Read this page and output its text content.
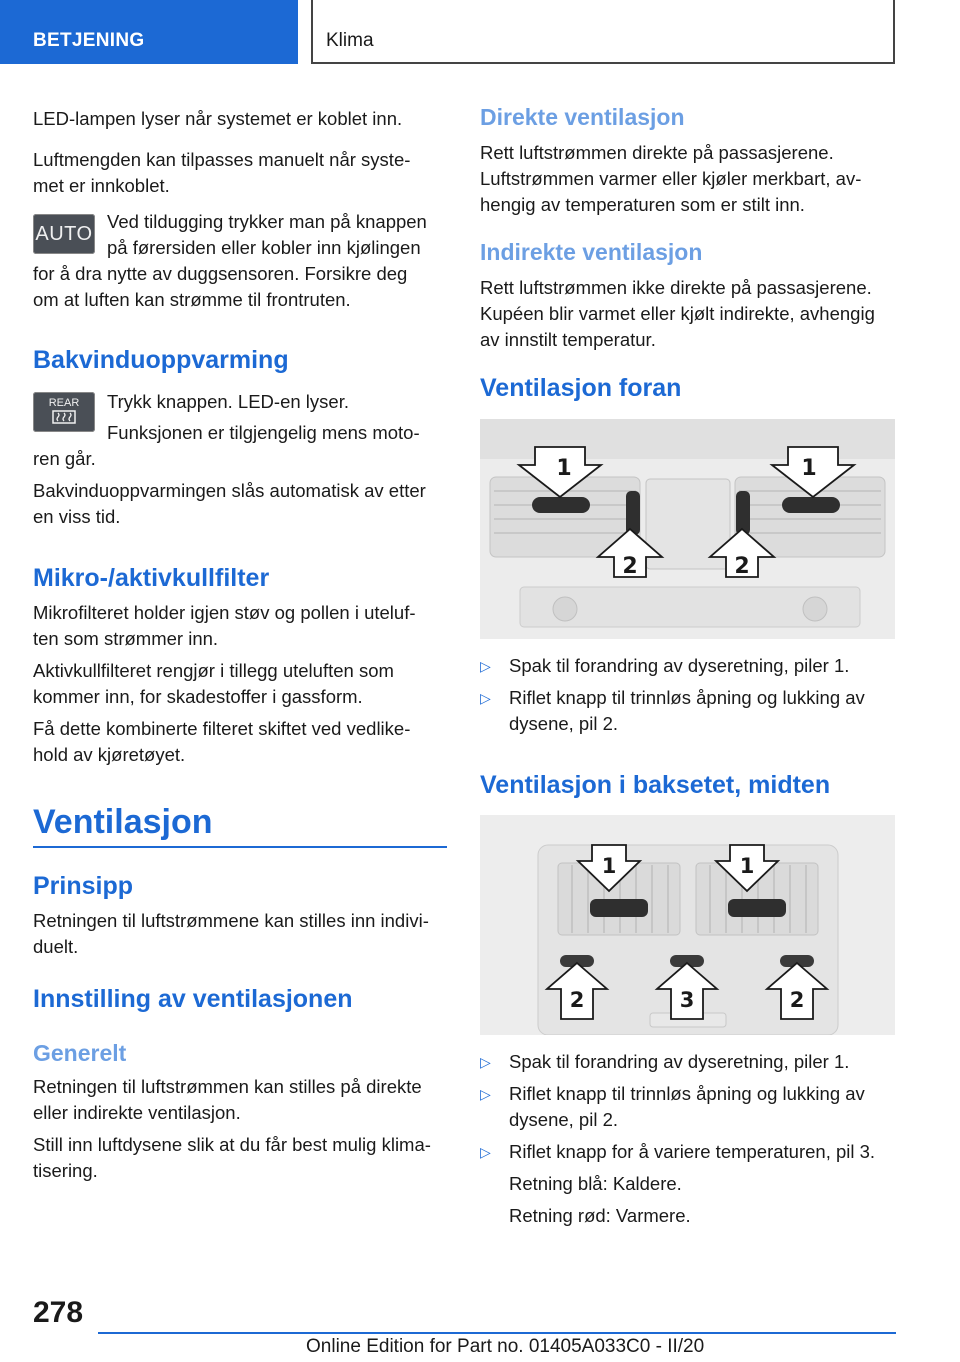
BETJENING	Klima

LED-lampen lyser når systemet er koblet inn.

Luftmengden kan tilpasses manuelt når syste-

met er innkoblet.

AUTO

Ved tildugging trykker man på knappen

på førersiden eller kobler inn kjølingen

for å dra nytte av duggsensoren. Forsikre deg

om at luften kan strømme til frontruten.

Bakvinduoppvarming
REAR Trykk knappen. LED-en lyser.

Funksjonen er tilgjengelig mens moto-

ren går.

Bakvinduoppvarmingen slås automatisk av etter

en viss tid.

Mikro-/aktivkullfilter

Mikrofilteret holder igjen støv og pollen i uteluf-

ten som strømmer inn.

Aktivkullfilteret rengjør i tillegg uteluften som

kommer inn, for skadestoffer i gassform.

Få dette kombinerte filteret skiftet ved vedlike-

hold av kjøretøyet.

Ventilasjon
Prinsipp

Retningen til luftstrømmene kan stilles inn indivi-

duelt.

Innstilling av ventilasjonen
Generelt

Retningen til luftstrømmen kan stilles på direkte

eller indirekte ventilasjon.

Still inn luftdysene slik at du får best mulig klima-

tisering.

Direkte ventilasjon

Rett luftstrømmen direkte på passasjerene.

Luftstrømmen varmer eller kjøler merkbart, av-

hengig av temperaturen som er stilt inn.

Indirekte ventilasjon

Rett luftstrømmen ikke direkte på passasjerene.

Kupéen blir varmet eller kjølt indirekte, avhengig

av innstilt temperatur.

Ventilasjon foran
1	1
2	2
▷ Spak til forandring av dyseretning, piler 1.
▷ Riflet knapp til trinnløs åpning og lukking av

dysene, pil 2.

Ventilasjon i baksetet, midten
1	1
2	3	2
▷ Spak til forandring av dyseretning, piler 1.
▷ Riflet knapp til trinnløs åpning og lukking av

dysene, pil 2.

▷ Riflet knapp for å variere temperaturen, pil 3.

Retning blå: Kaldere.

Retning rød: Varmere.

278
Online Edition for Part no. 01405A033C0 - II/20
